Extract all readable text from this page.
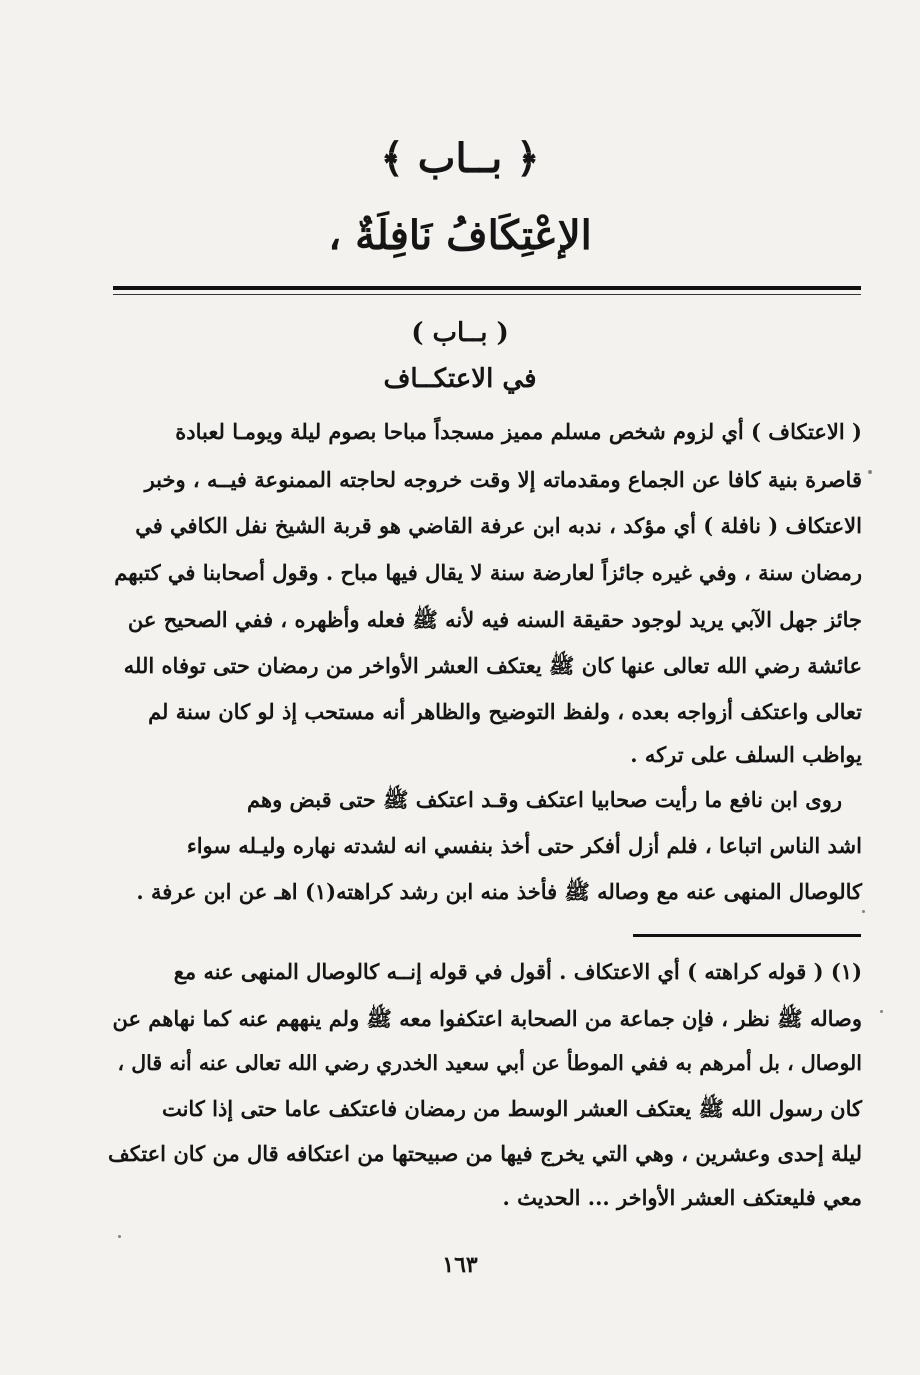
﴿ بــاب ﴾
الإعْتِكَافُ نَافِلَةٌ ،
( بــاب )
في الاعتكــاف
( الاعتكاف ) أي لزوم شخص مسلم مميز مسجداً مباحا بصوم ليلة ويومـا لعبادة
قاصرة بنية كافا عن الجماع ومقدماته إلا وقت خروجه لحاجته الممنوعة فيــه ، وخبر
الاعتكاف ( نافلة ) أي مؤكد ، ندبه ابن عرفة القاضي هو قربة الشيخ نفل الكافي في
رمضان سنة ، وفي غيره جائزاً لعارضة سنة لا يقال فيها مباح . وقول أصحابنا في كتبهم
جائز جهل الآبي يريد لوجود حقيقة السنه فيه لأنه ﷺ فعله وأظهره ، ففي الصحيح عن
عائشة رضي الله تعالى عنها كان ﷺ يعتكف العشر الأواخر من رمضان حتى توفاه الله
تعالى واعتكف أزواجه بعده ، ولفظ التوضيح والظاهر أنه مستحب إذ لو كان سنة لم
يواظب السلف على تركه .
روى ابن نافع ما رأيت صحابيا اعتكف وقـد اعتكف ﷺ حتى قبض وهم
اشد الناس اتباعا ، فلم أزل أفكر حتى أخذ بنفسي انه لشدته نهاره وليـله سواء
كالوصال المنهى عنه مع وصاله ﷺ فأخذ منه ابن رشد كراهته(١) اهـ عن ابن عرفة .
(١) ( قوله كراهته ) أي الاعتكاف . أقول في قوله إنــه كالوصال المنهى عنه مع
وصاله ﷺ نظر ، فإن جماعة من الصحابة اعتكفوا معه ﷺ ولم ينههم عنه كما نهاهم عن
الوصال ، بل أمرهم به ففي الموطأ عن أبي سعيد الخدري رضي الله تعالى عنه أنه قال ،
كان رسول الله ﷺ يعتكف العشر الوسط من رمضان فاعتكف عاما حتى إذا كانت
ليلة إحدى وعشرين ، وهي التي يخرج فيها من صبيحتها من اعتكافه قال من كان اعتكف
معي فليعتكف العشر الأواخر ... الحديث .
١٦٣
